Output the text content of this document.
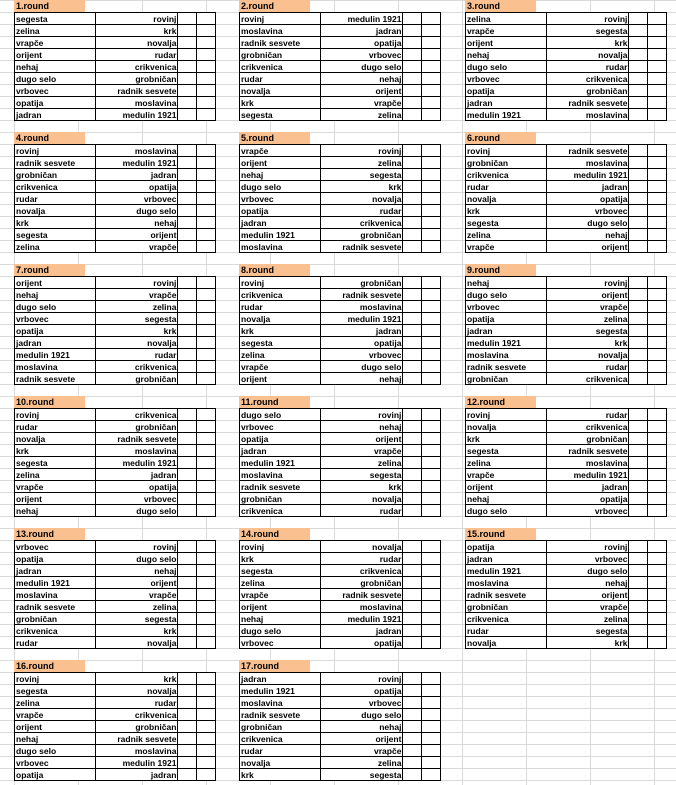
1.round
segesta	rovinj		
zelina	krk		
vrapče	novalja		
orijent	rudar		
nehaj	crikvenica		
dugo selo	grobničan		
vrbovec	radnik sesvete		
opatija	moslavina		
jadran	medulin 1921		
2.round
rovinj	medulin 1921		
moslavina	jadran		
radnik sesvete	opatija		
grobničan	vrbovec		
crikvenica	dugo selo		
rudar	nehaj		
novalja	orijent		
krk	vrapče		
segesta	zelina		
3.round
zelina	rovinj		
vrapče	segesta		
orijent	krk		
nehaj	novalja		
dugo selo	rudar		
vrbovec	crikvenica		
opatija	grobničan		
jadran	radnik sesvete		
medulin 1921	moslavina		
4.round
rovinj	moslavina		
radnik sesvete	medulin 1921		
grobničan	jadran		
crikvenica	opatija		
rudar	vrbovec		
novalja	dugo selo		
krk	nehaj		
segesta	orijent		
zelina	vrapče		
5.round
vrapče	rovinj		
orijent	zelina		
nehaj	segesta		
dugo selo	krk		
vrbovec	novalja		
opatija	rudar		
jadran	crikvenica		
medulin 1921	grobničan		
moslavina	radnik sesvete		
6.round
rovinj	radnik sesvete		
grobničan	moslavina		
crikvenica	medulin 1921		
rudar	jadran		
novalja	opatija		
krk	vrbovec		
segesta	dugo selo		
zelina	nehaj		
vrapče	orijent		
7.round
orijent	rovinj		
nehaj	vrapče		
dugo selo	zelina		
vrbovec	segesta		
opatija	krk		
jadran	novalja		
medulin 1921	rudar		
moslavina	crikvenica		
radnik sesvete	grobničan		
8.round
rovinj	grobničan		
crikvenica	radnik sesvete		
rudar	moslavina		
novalja	medulin 1921		
krk	jadran		
segesta	opatija		
zelina	vrbovec		
vrapče	dugo selo		
orijent	nehaj		
9.round
nehaj	rovinj		
dugo selo	orijent		
vrbovec	vrapče		
opatija	zelina		
jadran	segesta		
medulin 1921	krk		
moslavina	novalja		
radnik sesvete	rudar		
grobničan	crikvenica		
10.round
rovinj	crikvenica		
rudar	grobničan		
novalja	radnik sesvete		
krk	moslavina		
segesta	medulin 1921		
zelina	jadran		
vrapče	opatija		
orijent	vrbovec		
nehaj	dugo selo		
11.round
dugo selo	rovinj		
vrbovec	nehaj		
opatija	orijent		
jadran	vrapče		
medulin 1921	zelina		
moslavina	segesta		
radnik sesvete	krk		
grobničan	novalja		
crikvenica	rudar		
12.round
rovinj	rudar		
novalja	crikvenica		
krk	grobničan		
segesta	radnik sesvete		
zelina	moslavina		
vrapče	medulin 1921		
orijent	jadran		
nehaj	opatija		
dugo selo	vrbovec		
13.round
vrbovec	rovinj		
opatija	dugo selo		
jadran	nehaj		
medulin 1921	orijent		
moslavina	vrapče		
radnik sesvete	zelina		
grobničan	segesta		
crikvenica	krk		
rudar	novalja		
14.round
rovinj	novalja		
krk	rudar		
segesta	crikvenica		
zelina	grobničan		
vrapče	radnik sesvete		
orijent	moslavina		
nehaj	medulin 1921		
dugo selo	jadran		
vrbovec	opatija		
15.round
opatija	rovinj		
jadran	vrbovec		
medulin 1921	dugo selo		
moslavina	nehaj		
radnik sesvete	orijent		
grobničan	vrapče		
crikvenica	zelina		
rudar	segesta		
novalja	krk		
16.round
rovinj	krk		
segesta	novalja		
zelina	rudar		
vrapče	crikvenica		
orijent	grobničan		
nehaj	radnik sesvete		
dugo selo	moslavina		
vrbovec	medulin 1921		
opatija	jadran		
17.round
jadran	rovinj		
medulin 1921	opatija		
moslavina	vrbovec		
radnik sesvete	dugo selo		
grobničan	nehaj		
crikvenica	orijent		
rudar	vrapče		
novalja	zelina		
krk	segesta		
